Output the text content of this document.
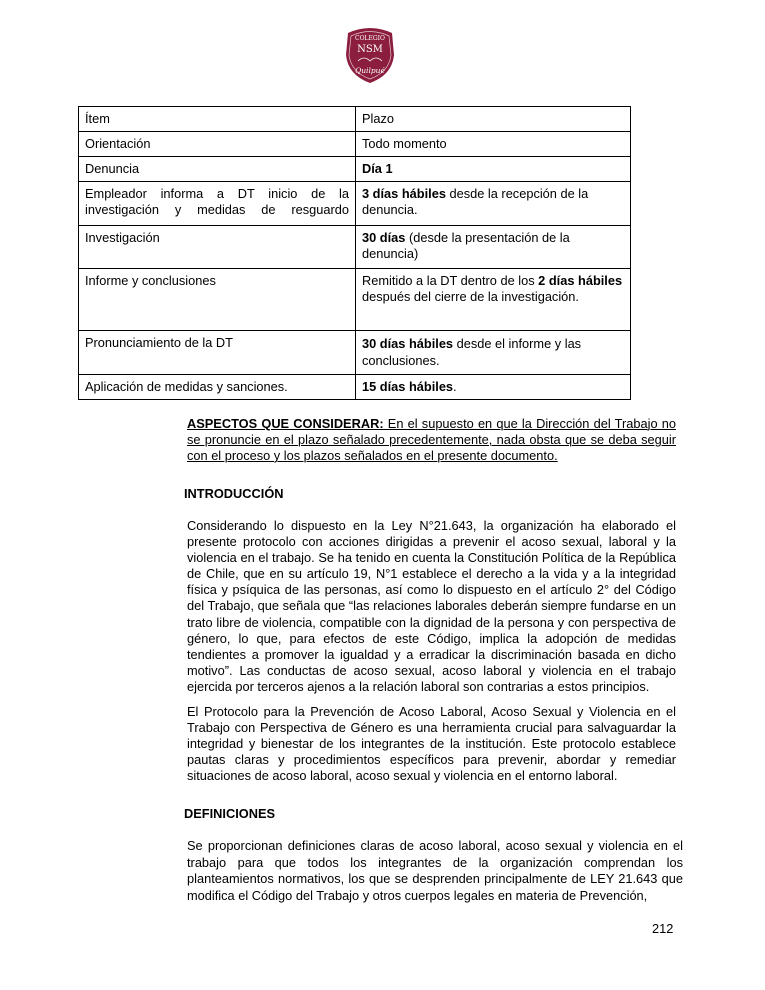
COLEGIO
NSM
Quilpué
Ítem	Plazo
Orientación	Todo momento
Denuncia	Día 1
Empleador informa a DT inicio de la investigación y medidas de resguardo	3 días hábiles desde la recepción de la denuncia.
Investigación	30 días (desde la presentación de la denuncia)
Informe y conclusiones	Remitido a la DT dentro de los 2 días hábiles después del cierre de la investigación.
Pronunciamiento de la DT	30 días hábiles desde el informe y las conclusiones.
Aplicación de medidas y sanciones.	15 días hábiles.
ASPECTOS QUE CONSIDERAR: En el supuesto en que la Dirección del Trabajo no se pronuncie en el plazo señalado precedentemente, nada obsta que se deba seguir con el proceso y los plazos señalados en el presente documento.
INTRODUCCIÓN
Considerando lo dispuesto en la Ley N°21.643, la organización ha elaborado el presente protocolo con acciones dirigidas a prevenir el acoso sexual, laboral y la violencia en el trabajo. Se ha tenido en cuenta la Constitución Política de la República de Chile, que en su artículo 19, N°1 establece el derecho a la vida y a la integridad física y psíquica de las personas, así como lo dispuesto en el artículo 2° del Código del Trabajo, que señala que “las relaciones laborales deberán siempre fundarse en un trato libre de violencia, compatible con la dignidad de la persona y con perspectiva de género, lo que, para efectos de este Código, implica la adopción de medidas tendientes a promover la igualdad y a erradicar la discriminación basada en dicho motivo”. Las conductas de acoso sexual, acoso laboral y violencia en el trabajo ejercida por terceros ajenos a la relación laboral son contrarias a estos principios.
El Protocolo para la Prevención de Acoso Laboral, Acoso Sexual y Violencia en el Trabajo con Perspectiva de Género es una herramienta crucial para salvaguardar la integridad y bienestar de los integrantes de la institución. Este protocolo establece pautas claras y procedimientos específicos para prevenir, abordar y remediar situaciones de acoso laboral, acoso sexual y violencia en el entorno laboral.
DEFINICIONES
Se proporcionan definiciones claras de acoso laboral, acoso sexual y violencia en el trabajo para que todos los integrantes de la organización comprendan los planteamientos normativos, los que se desprenden principalmente de LEY 21.643 que modifica el Código del Trabajo y otros cuerpos legales en materia de Prevención,
212
